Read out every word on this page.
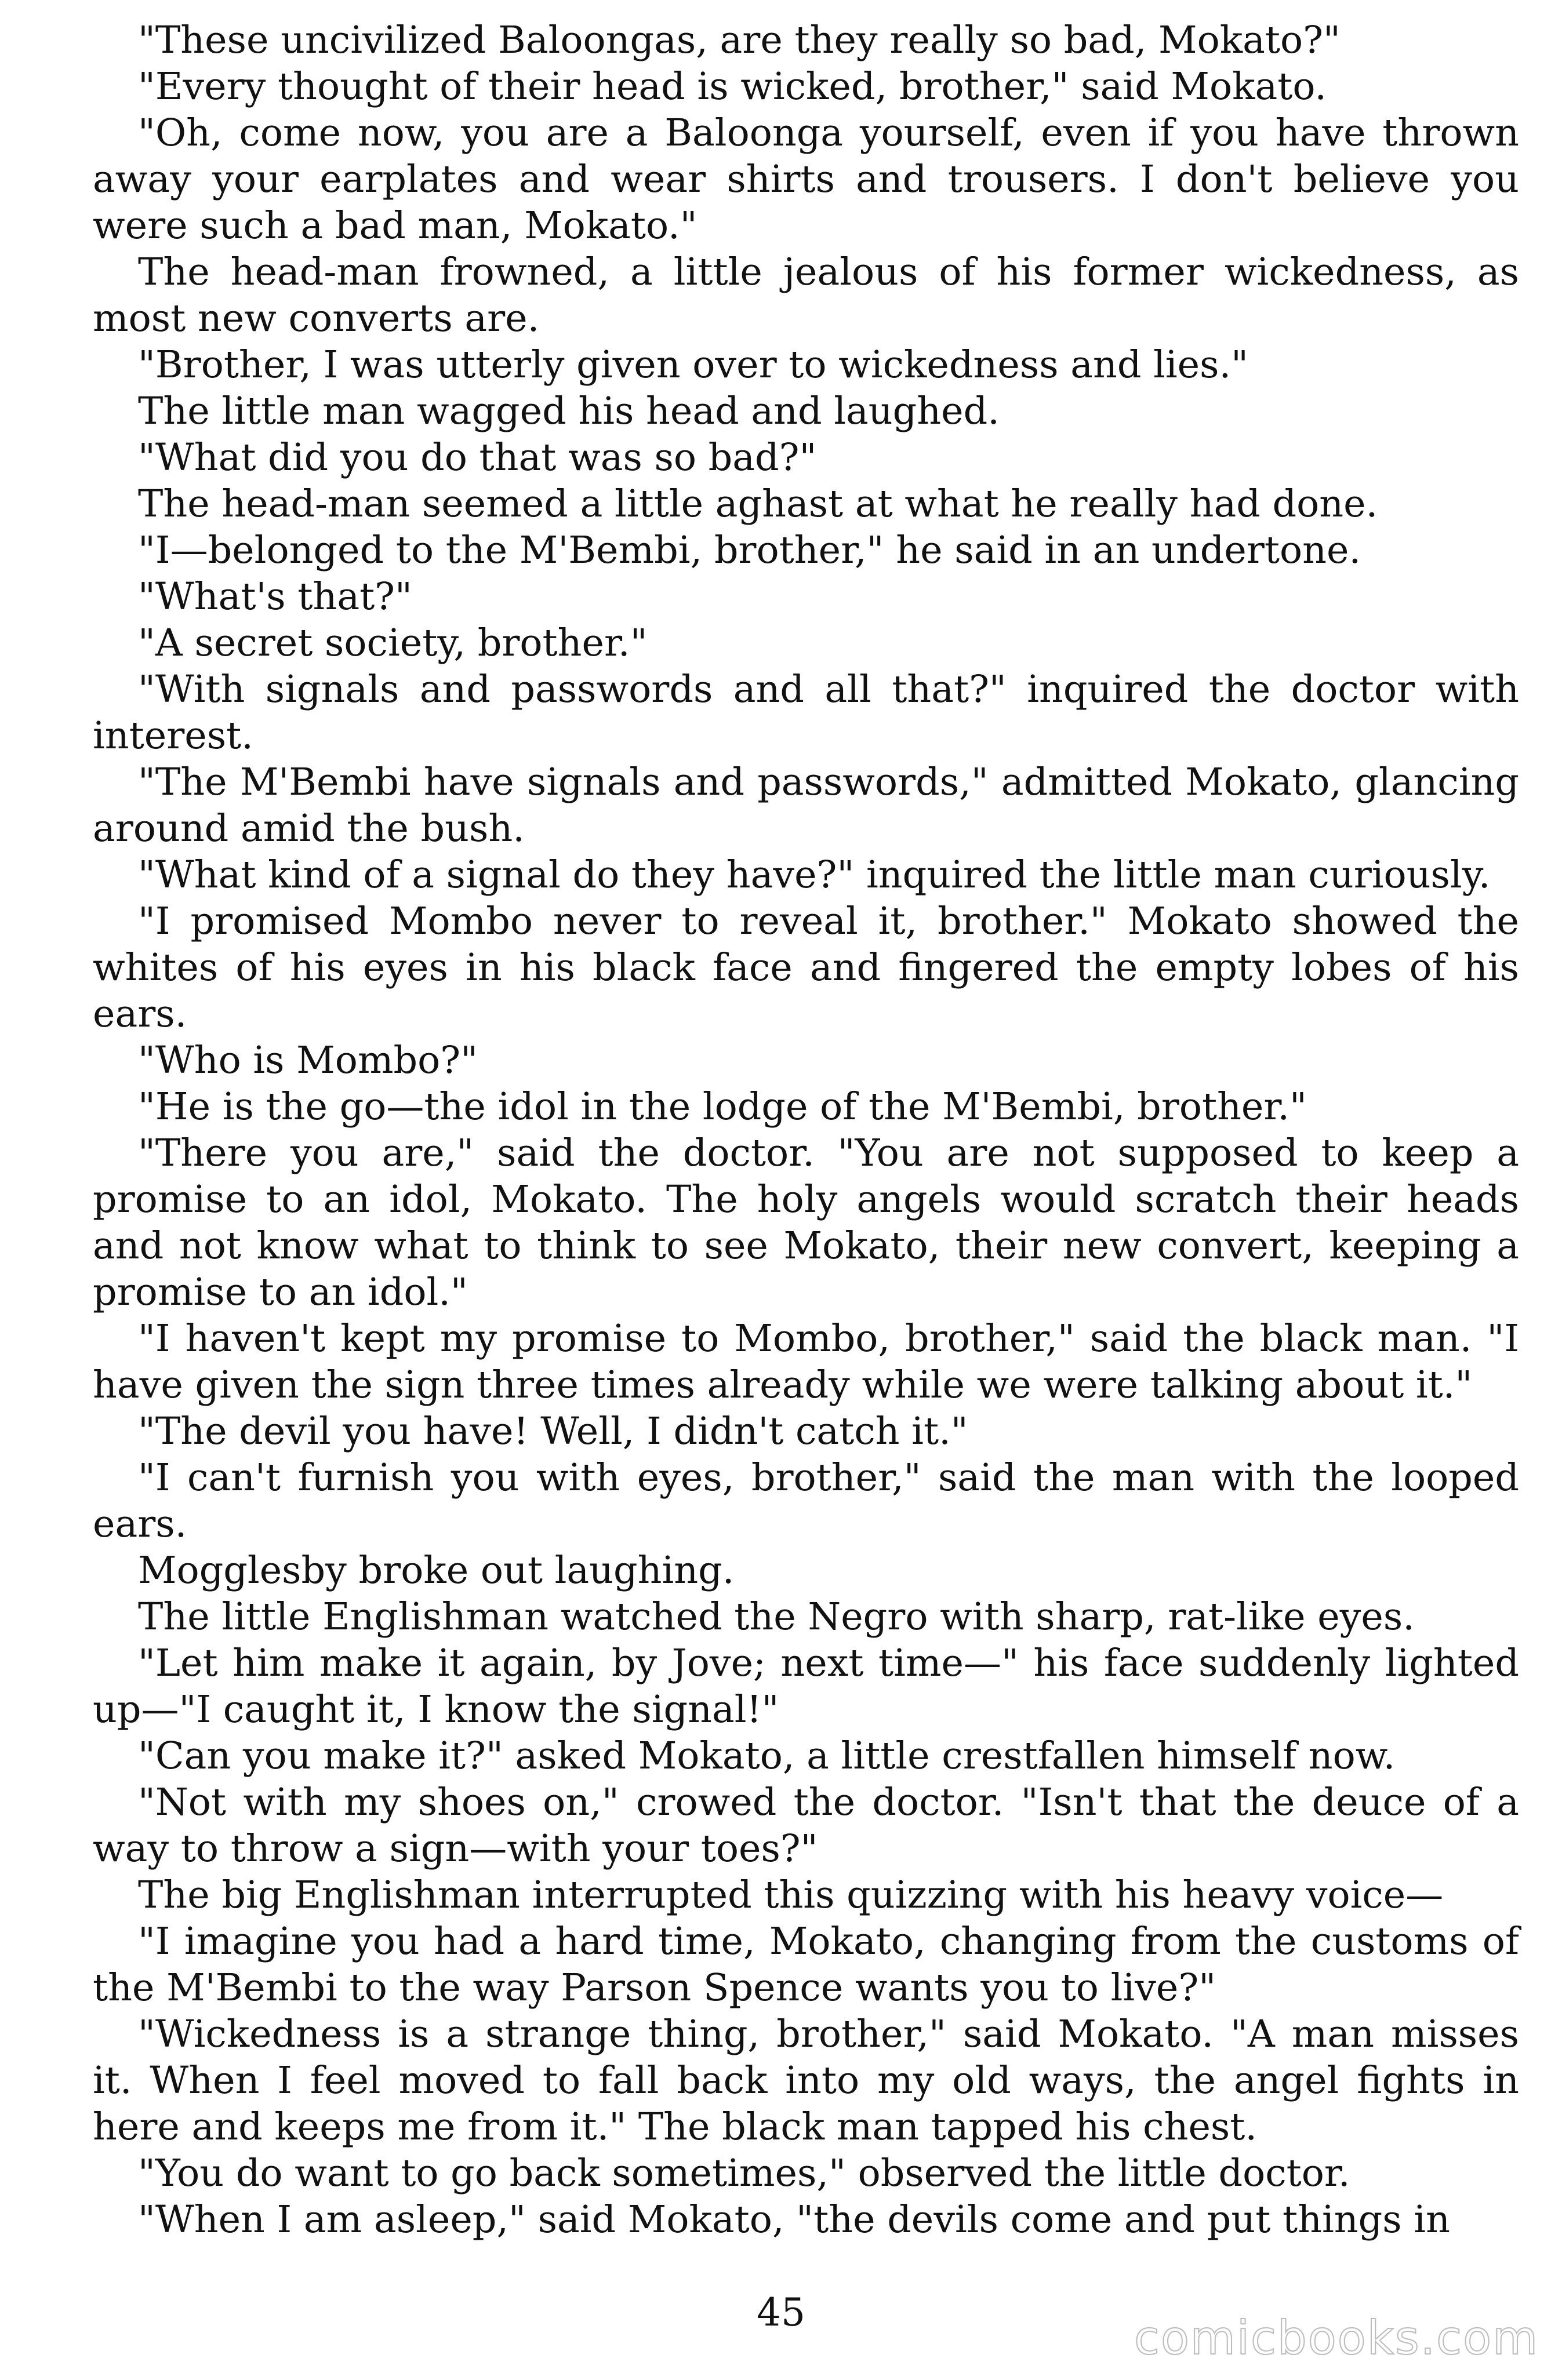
"These uncivilized Baloongas, are they really so bad, Mokato?"

"Every thought of their head is wicked, brother," said Mokato.

"Oh, come now, you are a Baloonga yourself, even if you have thrown away your earplates and wear shirts and trousers. I don't believe you were such a bad man, Mokato."

The head-man frowned, a little jealous of his former wickedness, as most new converts are.

"Brother, I was utterly given over to wickedness and lies."

The little man wagged his head and laughed.

"What did you do that was so bad?"

The head-man seemed a little aghast at what he really had done.

"I—belonged to the M'Bembi, brother," he said in an undertone.

"What's that?"

"A secret society, brother."

"With signals and passwords and all that?" inquired the doctor with interest.

"The M'Bembi have signals and passwords," admitted Mokato, glancing around amid the bush.

"What kind of a signal do they have?" inquired the little man curiously.

"I promised Mombo never to reveal it, brother." Mokato showed the whites of his eyes in his black face and fingered the empty lobes of his ears.

"Who is Mombo?"

"He is the go—the idol in the lodge of the M'Bembi, brother."

"There you are," said the doctor. "You are not supposed to keep a promise to an idol, Mokato. The holy angels would scratch their heads and not know what to think to see Mokato, their new convert, keeping a promise to an idol."

"I haven't kept my promise to Mombo, brother," said the black man. "I have given the sign three times already while we were talking about it."

"The devil you have! Well, I didn't catch it."

"I can't furnish you with eyes, brother," said the man with the looped ears.

Mogglesby broke out laughing.

The little Englishman watched the Negro with sharp, rat-like eyes.

"Let him make it again, by Jove; next time—" his face suddenly lighted up—"I caught it, I know the signal!"

"Can you make it?" asked Mokato, a little crestfallen himself now.

"Not with my shoes on," crowed the doctor. "Isn't that the deuce of a way to throw a sign—with your toes?"

The big Englishman interrupted this quizzing with his heavy voice—

"I imagine you had a hard time, Mokato, changing from the customs of the M'Bembi to the way Parson Spence wants you to live?"

"Wickedness is a strange thing, brother," said Mokato. "A man misses it. When I feel moved to fall back into my old ways, the angel fights in here and keeps me from it." The black man tapped his chest.

"You do want to go back sometimes," observed the little doctor.

"When I am asleep," said Mokato, "the devils come and put things in

45	comicbooks.com
